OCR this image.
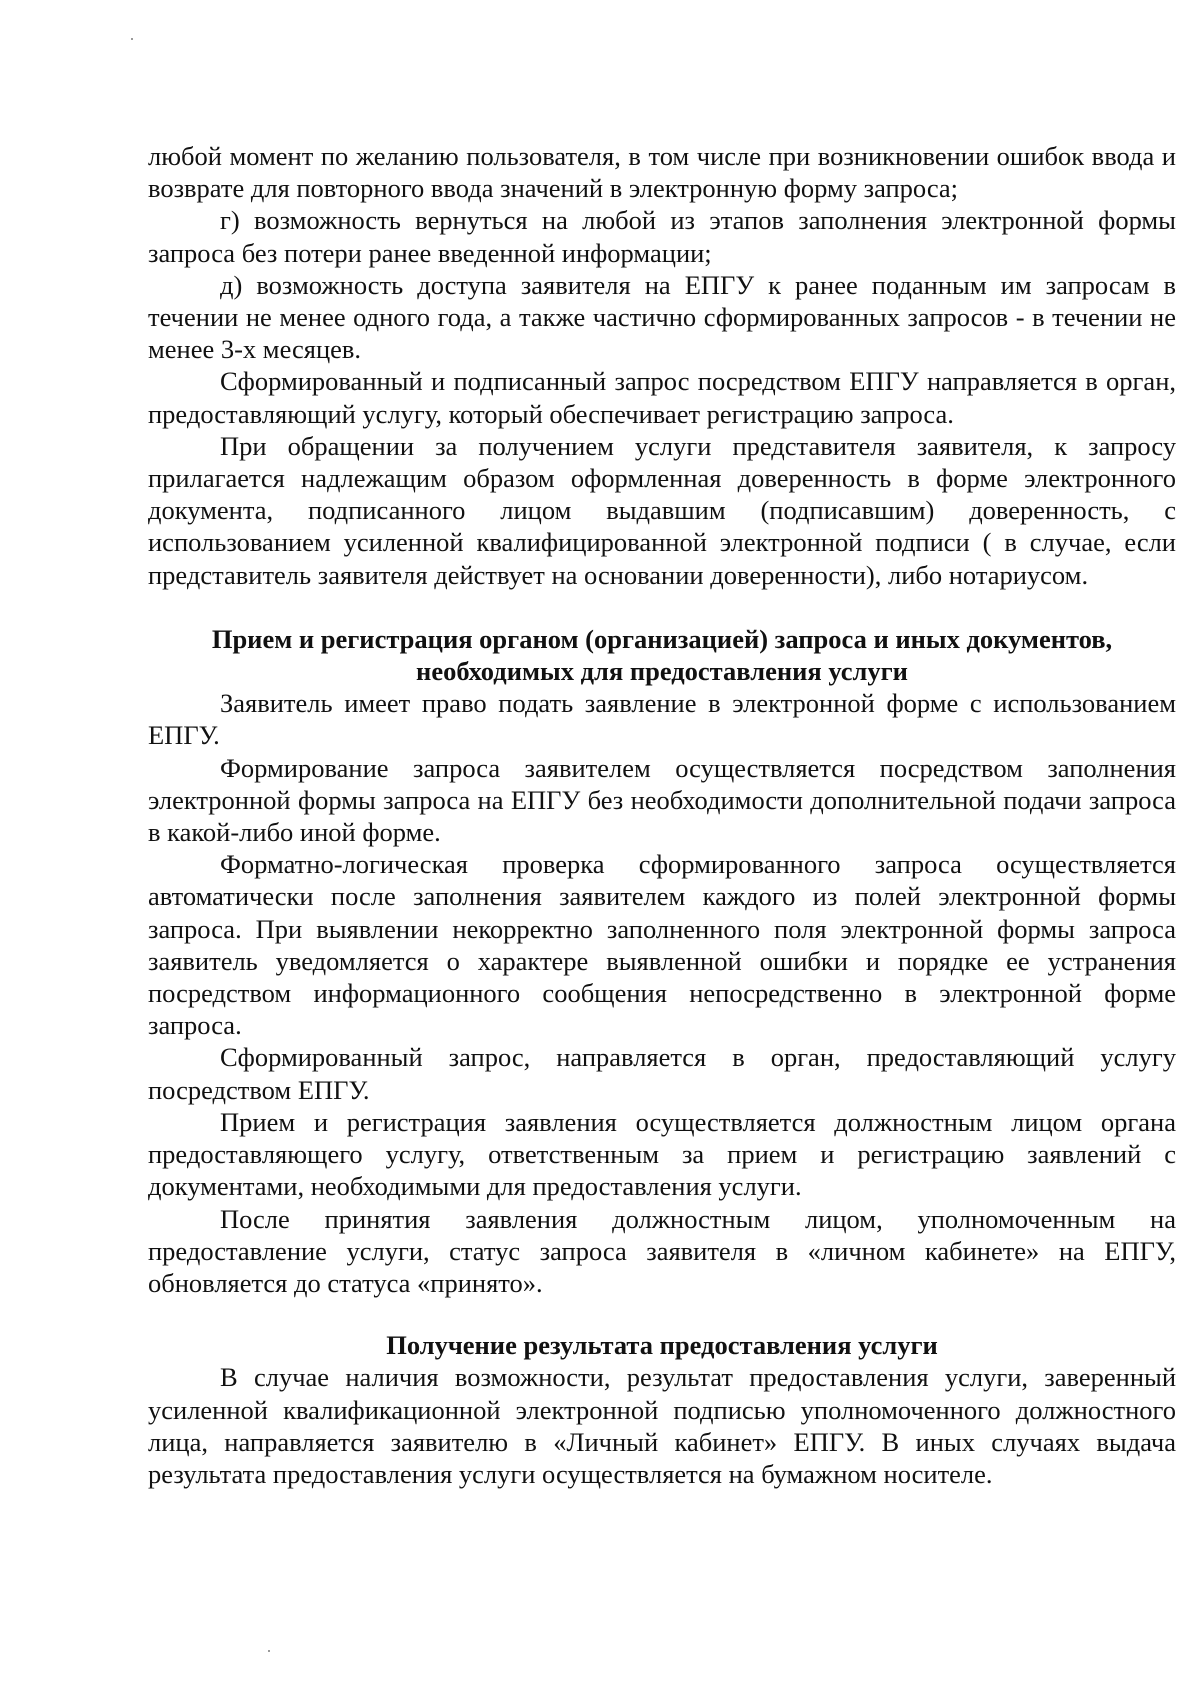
любой момент по желанию пользователя, в том числе при возникновении ошибок ввода и возврате для повторного ввода значений в электронную форму запроса;

г) возможность вернуться на любой из этапов заполнения электронной формы запроса без потери ранее введенной информации;

д) возможность доступа заявителя на ЕПГУ к ранее поданным им запросам в течении не менее одного года, а также частично сформированных запросов - в течении не менее 3-х месяцев.

Сформированный и подписанный запрос посредством ЕПГУ направляется в орган, предоставляющий услугу, который обеспечивает регистрацию запроса.

При обращении за получением услуги представителя заявителя, к запросу прилагается надлежащим образом оформленная доверенность в форме электронного документа, подписанного лицом выдавшим (подписавшим) доверенность, с использованием усиленной квалифицированной электронной подписи ( в случае, если представитель заявителя действует на основании доверенности), либо нотариусом.

Прием и регистрация органом (организацией) запроса и иных документов, необходимых для предоставления услуги

Заявитель имеет право подать заявление в электронной форме с использованием ЕПГУ.

Формирование запроса заявителем осуществляется посредством заполнения электронной формы запроса на ЕПГУ без необходимости дополнительной подачи запроса в какой-либо иной форме.

Форматно-логическая проверка сформированного запроса осуществляется автоматически после заполнения заявителем каждого из полей электронной формы запроса. При выявлении некорректно заполненного поля электронной формы запроса заявитель уведомляется о характере выявленной ошибки и порядке ее устранения посредством информационного сообщения непосредственно в электронной форме запроса.

Сформированный запрос, направляется в орган, предоставляющий услугу посредством ЕПГУ.

Прием и регистрация заявления осуществляется должностным лицом органа предоставляющего услугу, ответственным за прием и регистрацию заявлений с документами, необходимыми для предоставления услуги.

После принятия заявления должностным лицом, уполномоченным на предоставление услуги, статус запроса заявителя в «личном кабинете» на ЕПГУ, обновляется до статуса «принято».

Получение результата предоставления услуги

В случае наличия возможности, результат предоставления услуги, заверенный усиленной квалификационной электронной подписью уполномоченного должностного лица, направляется заявителю в «Личный кабинет» ЕПГУ. В иных случаях выдача результата предоставления услуги осуществляется на бумажном носителе.
